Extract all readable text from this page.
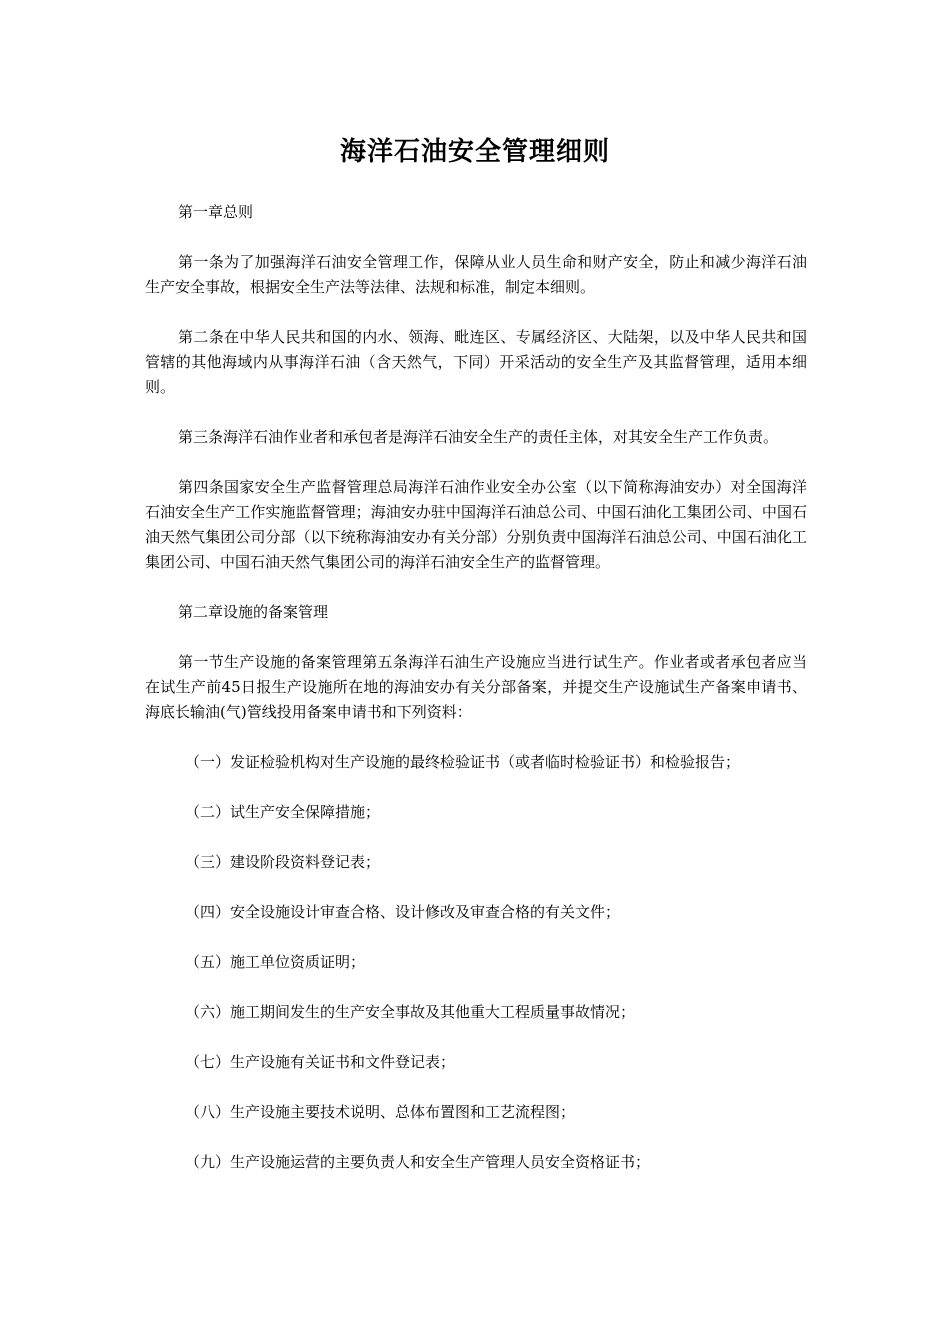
海洋石油安全管理细则

第一章总则

第一条为了加强海洋石油安全管理工作，保障从业人员生命和财产安全，防止和减少海洋石油生产安全事故，根据安全生产法等法律、法规和标准，制定本细则。

第二条在中华人民共和国的内水、领海、毗连区、专属经济区、大陆架，以及中华人民共和国管辖的其他海域内从事海洋石油（含天然气，下同）开采活动的安全生产及其监督管理，适用本细则。

第三条海洋石油作业者和承包者是海洋石油安全生产的责任主体，对其安全生产工作负责。

第四条国家安全生产监督管理总局海洋石油作业安全办公室（以下简称海油安办）对全国海洋石油安全生产工作实施监督管理；海油安办驻中国海洋石油总公司、中国石油化工集团公司、中国石油天然气集团公司分部（以下统称海油安办有关分部）分别负责中国海洋石油总公司、中国石油化工集团公司、中国石油天然气集团公司的海洋石油安全生产的监督管理。

第二章设施的备案管理

第一节生产设施的备案管理第五条海洋石油生产设施应当进行试生产。作业者或者承包者应当在试生产前45日报生产设施所在地的海油安办有关分部备案，并提交生产设施试生产备案申请书、海底长输油(气)管线投用备案申请书和下列资料：

（一）发证检验机构对生产设施的最终检验证书（或者临时检验证书）和检验报告；

（二）试生产安全保障措施；

（三）建设阶段资料登记表；

（四）安全设施设计审查合格、设计修改及审查合格的有关文件；

（五）施工单位资质证明；

（六）施工期间发生的生产安全事故及其他重大工程质量事故情况；

（七）生产设施有关证书和文件登记表；

（八）生产设施主要技术说明、总体布置图和工艺流程图；

（九）生产设施运营的主要负责人和安全生产管理人员安全资格证书；
